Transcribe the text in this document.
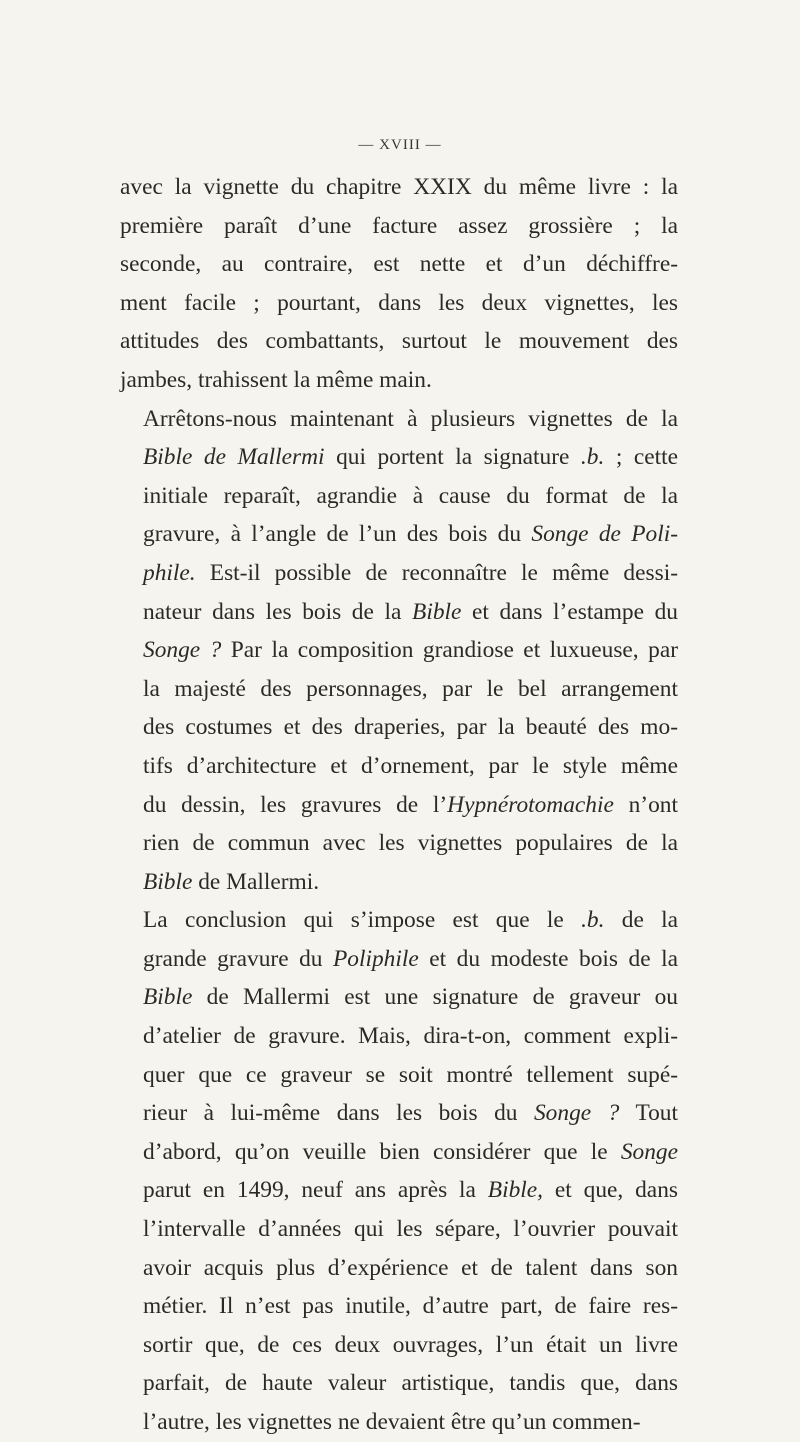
— XVIII —

avec la vignette du chapitre XXIX du même livre : la
première paraît d’une facture assez grossière ; la
seconde, au contraire, est nette et d’un déchiffre-
ment facile ; pourtant, dans les deux vignettes, les
attitudes des combattants, surtout le mouvement des
jambes, trahissent la même main.

Arrêtons-nous maintenant à plusieurs vignettes de la
Bible de Mallermi qui portent la signature .b. ; cette
initiale reparaît, agrandie à cause du format de la
gravure, à l’angle de l’un des bois du Songe de Poli-
phile. Est-il possible de reconnaître le même dessi-
nateur dans les bois de la Bible et dans l’estampe du
Songe ? Par la composition grandiose et luxueuse, par
la majesté des personnages, par le bel arrangement
des costumes et des draperies, par la beauté des mo-
tifs d’architecture et d’ornement, par le style même
du dessin, les gravures de l’Hypnérotomachie n’ont
rien de commun avec les vignettes populaires de la
Bible de Mallermi.

La conclusion qui s’impose est que le .b. de la
grande gravure du Poliphile et du modeste bois de la
Bible de Mallermi est une signature de graveur ou
d’atelier de gravure. Mais, dira-t-on, comment expli-
quer que ce graveur se soit montré tellement supé-
rieur à lui-même dans les bois du Songe ? Tout
d’abord, qu’on veuille bien considérer que le Songe
parut en 1499, neuf ans après la Bible, et que, dans
l’intervalle d’années qui les sépare, l’ouvrier pouvait
avoir acquis plus d’expérience et de talent dans son
métier. Il n’est pas inutile, d’autre part, de faire res-
sortir que, de ces deux ouvrages, l’un était un livre
parfait, de haute valeur artistique, tandis que, dans
l’autre, les vignettes ne devaient être qu’un commen-
